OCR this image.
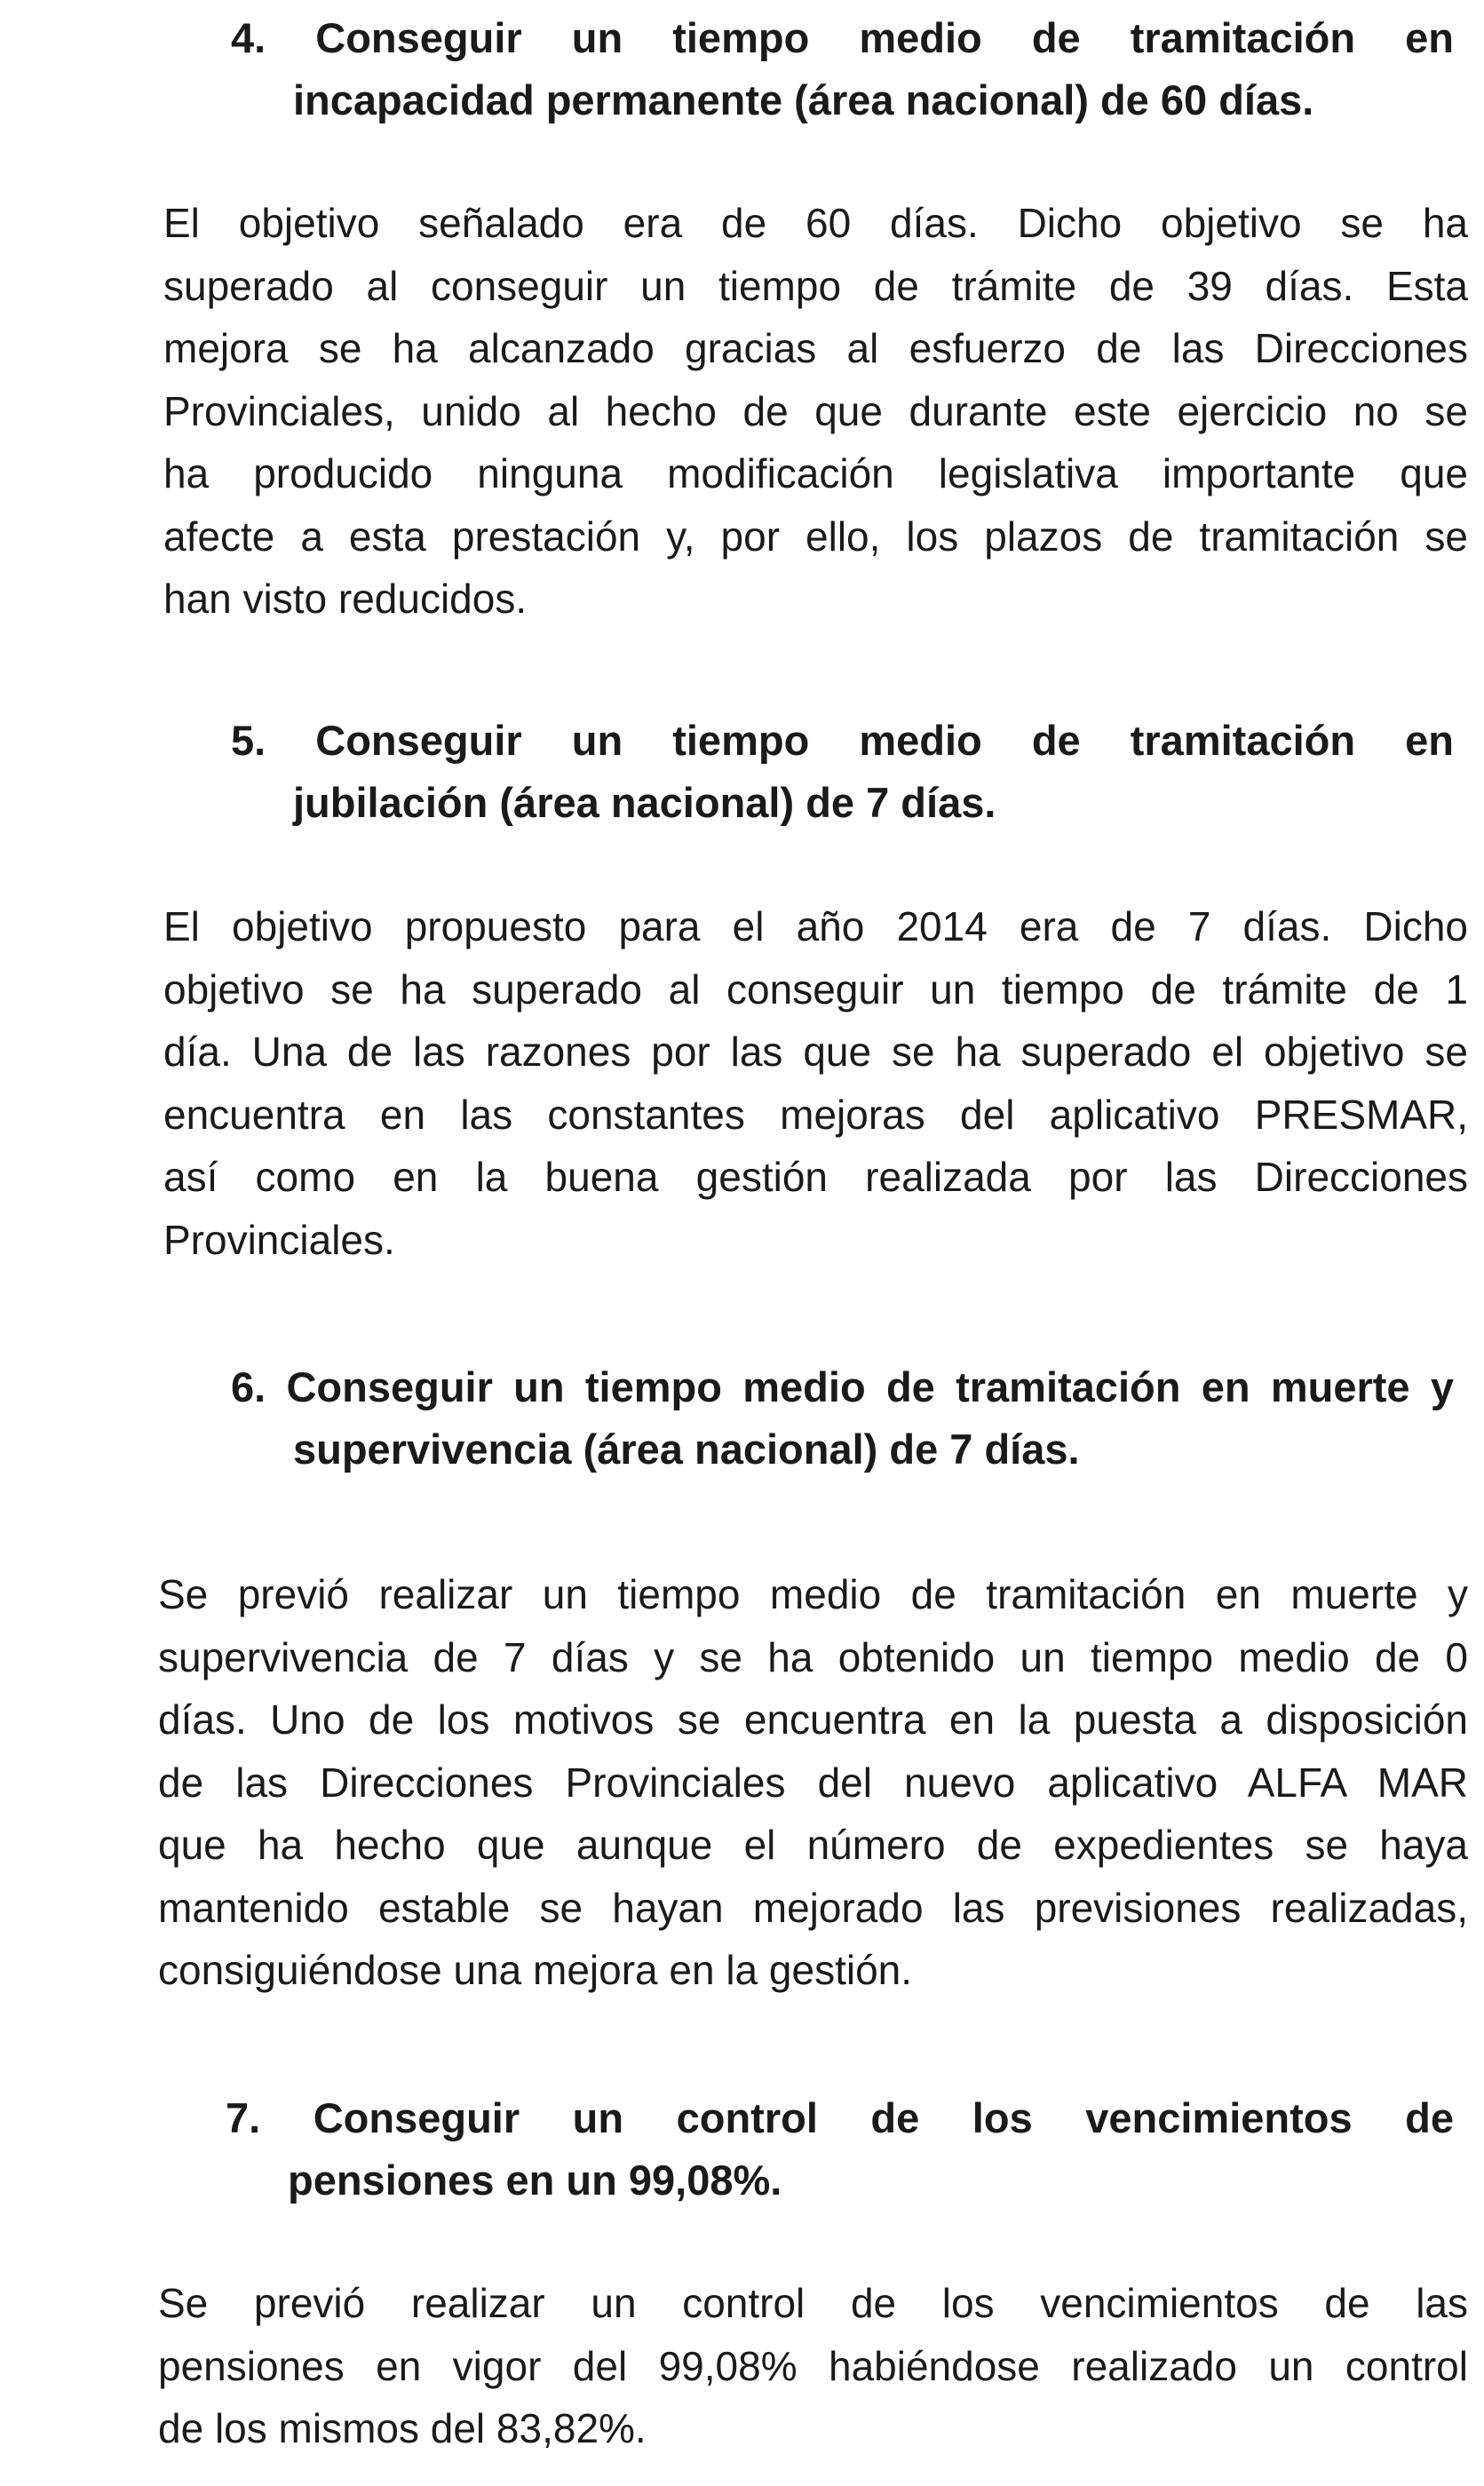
4. Conseguir un tiempo medio de tramitación en
incapacidad permanente (área nacional) de 60 días.
El objetivo señalado era de 60 días. Dicho objetivo se ha
superado al conseguir un tiempo de trámite de 39 días. Esta
mejora se ha alcanzado gracias al esfuerzo de las Direcciones
Provinciales, unido al hecho de que durante este ejercicio no se
ha producido ninguna modificación legislativa importante que
afecte a esta prestación y, por ello, los plazos de tramitación se
han visto reducidos.
5. Conseguir un tiempo medio de tramitación en
jubilación (área nacional) de 7 días.
El objetivo propuesto para el año 2014 era de 7 días. Dicho
objetivo se ha superado al conseguir un tiempo de trámite de 1
día. Una de las razones por las que se ha superado el objetivo se
encuentra en las constantes mejoras del aplicativo PRESMAR,
así como en la buena gestión realizada por las Direcciones
Provinciales.
6. Conseguir un tiempo medio de tramitación en muerte y
supervivencia (área nacional) de 7 días.
Se previó realizar un tiempo medio de tramitación en muerte y
supervivencia de 7 días y se ha obtenido un tiempo medio de 0
días. Uno de los motivos se encuentra en la puesta a disposición
de las Direcciones Provinciales del nuevo aplicativo ALFA MAR
que ha hecho que aunque el número de expedientes se haya
mantenido estable se hayan mejorado las previsiones realizadas,
consiguiéndose una mejora en la gestión.
7. Conseguir un control de los vencimientos de
pensiones en un 99,08%.
Se previó realizar un control de los vencimientos de las
pensiones en vigor del 99,08% habiéndose realizado un control
de los mismos del 83,82%.
